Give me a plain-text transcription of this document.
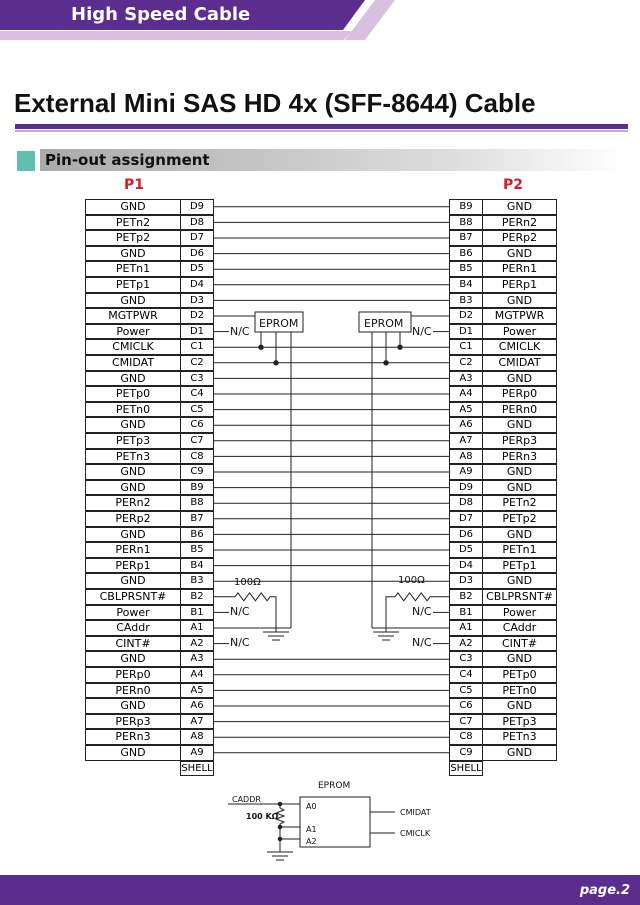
High Speed Cable
External Mini SAS HD 4x (SFF-8644) Cable
Pin-out assignment
P1	P2
GND	D9	B9	GND
PETn2	D8	B8	PERn2
PETp2	D7	B7	PERp2
GND	D6	B6	GND
PETn1	D5	B5	PERn1
PETp1	D4	B4	PERp1
GND	D3	B3	GND
MGTPWR	D2	D2	MGTPWR
Power	D1	D1	Power
CMICLK	C1	C1	CMICLK
CMIDAT	C2	C2	CMIDAT
GND	C3	A3	GND
PETp0	C4	A4	PERp0
PETn0	C5	A5	PERn0
GND	C6	A6	GND
PETp3	C7	A7	PERp3
PETn3	C8	A8	PERn3
GND	C9	A9	GND
GND	B9	D9	GND
PERn2	B8	D8	PETn2
PERp2	B7	D7	PETp2
GND	B6	D6	GND
PERn1	B5	D5	PETn1
PERp1	B4	D4	PETp1
GND	B3	D3	GND
CBLPRSNT#	B2	B2	CBLPRSNT#
Power	B1	B1	Power
CAddr	A1	A1	CAddr
CINT#	A2	A2	CINT#
GND	A3	C3	GND
PERp0	A4	C4	PETp0
PERn0	A5	C5	PETn0
GND	A6	C6	GND
PERp3	A7	C7	PETp3
PERn3	A8	C8	PETn3
GND	A9	C9	GND
SHELL	SHELL
EPROM	EPROM
N/C	N/C
N/C	N/C
N/C	N/C
100Ω	100Ω
EPROM
CADDR
100 KΩ
A0
A1
A2
CMIDAT
CMICLK
page.2
